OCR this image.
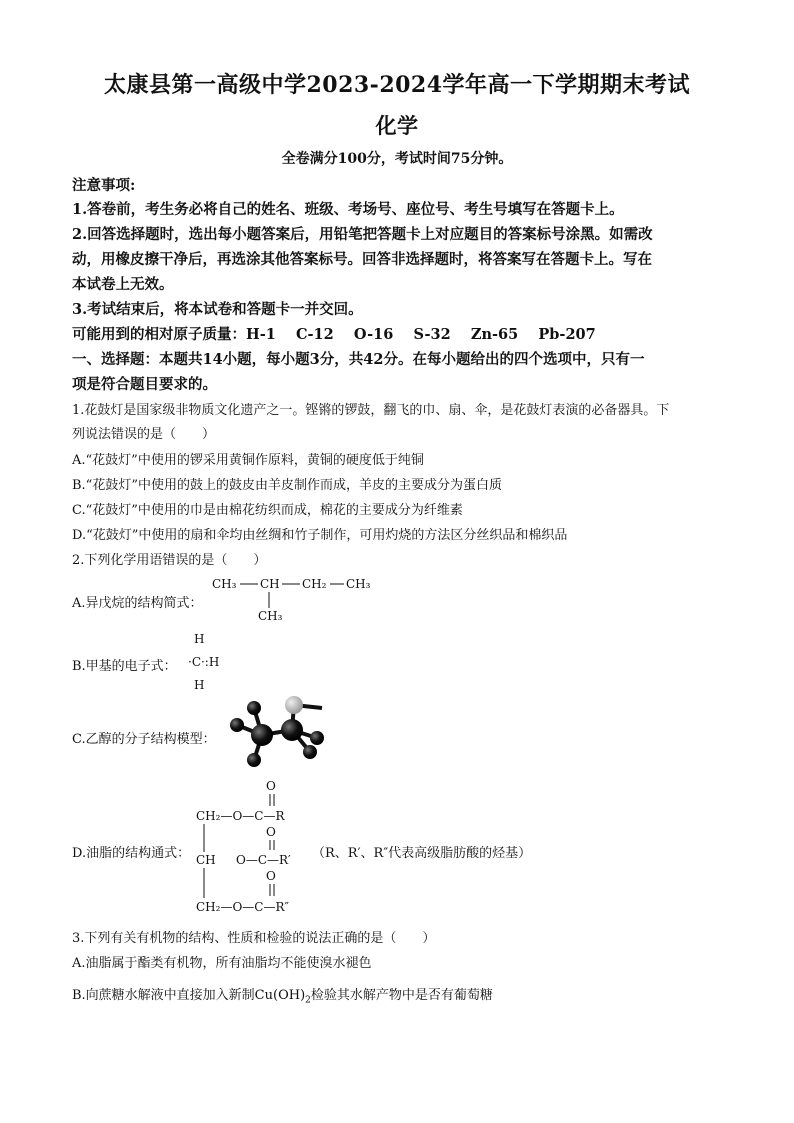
太康县第一高级中学2023-2024学年高一下学期期末考试
化学
全卷满分100分，考试时间75分钟。
注意事项:
1.答卷前，考生务必将自己的姓名、班级、考场号、座位号、考生号填写在答题卡上。
2.回答选择题时，选出每小题答案后，用铅笔把答题卡上对应题目的答案标号涂黑。如需改
动，用橡皮擦干净后，再选涂其他答案标号。回答非选择题时，将答案写在答题卡上。写在
本试卷上无效。
3.考试结束后，将本试卷和答题卡一并交回。
可能用到的相对原子质量：H-1    C-12    O-16    S-32    Zn-65    Pb-207
一、选择题：本题共14小题，每小题3分，共42分。在每小题给出的四个选项中，只有一
项是符合题目要求的。
1.花鼓灯是国家级非物质文化遗产之一。铿锵的锣鼓，翻飞的巾、扇、伞，是花鼓灯表演的必备器具。下
列说法错误的是（　　）
A.“花鼓灯”中使用的锣采用黄铜作原料，黄铜的硬度低于纯铜
B.“花鼓灯”中使用的鼓上的鼓皮由羊皮制作而成，羊皮的主要成分为蛋白质
C.“花鼓灯”中使用的巾是由棉花纺织而成，棉花的主要成分为纤维素
D.“花鼓灯”中使用的扇和伞均由丝绸和竹子制作，可用灼烧的方法区分丝织品和棉织品
2.下列化学用语错误的是（　　）
A.异戊烷的结构简式：
CH₃ CH CH₂ CH₃
CH₃
B.甲基的电子式：
H
·C·:H
H
C.乙醇的分子结构模型：
D.油脂的结构通式：
O
CH₂—O—C—R
O
CH O—C—R′
O
CH₂—O—C—R″
（R、R′、R″代表高级脂肪酸的烃基）
3.下列有关有机物的结构、性质和检验的说法正确的是（　　）
A.油脂属于酯类有机物，所有油脂均不能使溴水褪色
B.向蔗糖水解液中直接加入新制$Cu(OH)_2$检验其水解产物中是否有葡萄糖
